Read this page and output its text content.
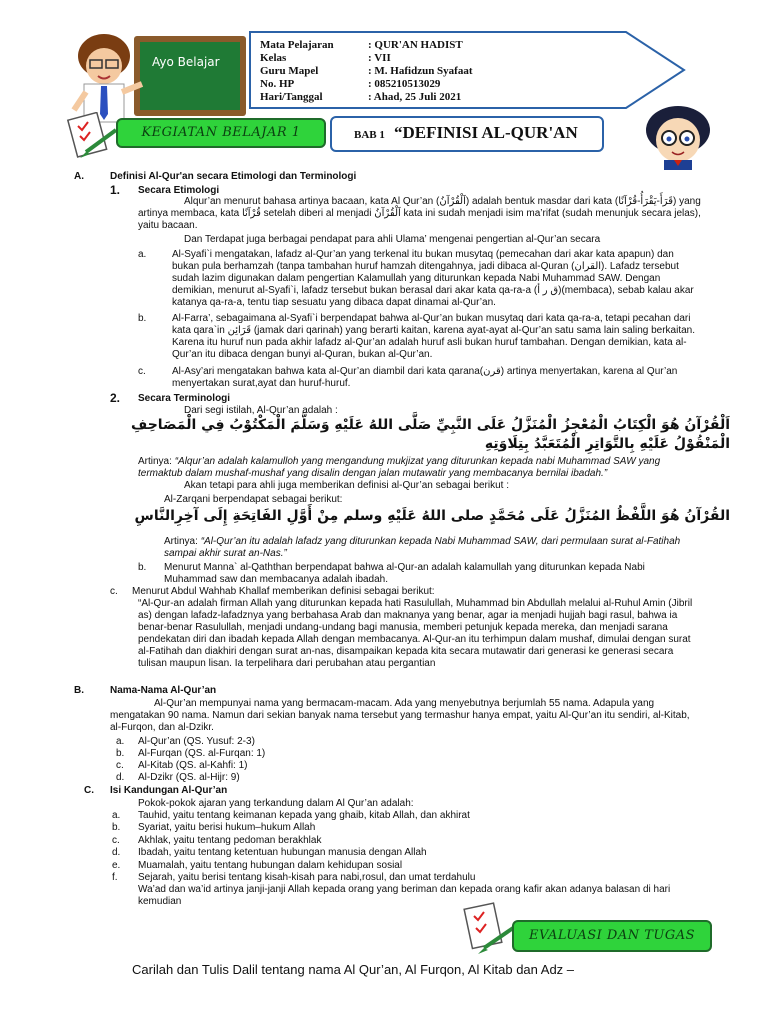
Ayo Belajar
Mata Pelajaran	: QUR'AN HADIST
Kelas	: VII
Guru Mapel	: M. Hafidzun Syafaat
No. HP	: 085210513029
Hari/Tanggal	: Ahad, 25 Juli 2021
KEGIATAN BELAJAR 1	BAB 1 “DEFINISI AL-QUR'AN
A.	Definisi Al-Qur'an secara Etimologi dan Terminologi
1. Secara Etimologi
Alqur’an menurut bahasa artinya bacaan, kata Al Qur’an (اَلْقُرْآنُ) adalah bentuk masdar dari kata (قَرَأَ-يَقْرَأُ-قُرْآنًا) yang
artinya membaca, kata قُرْآنًا setelah diberi al menjadi اَلْقُرْآنُ kata ini sudah menjadi isim ma’rifat (sudah menunjuk secara jelas),
yaitu bacaan.
Dan Terdapat juga berbagai pendapat para ahli Ulama’ mengenai pengertian al-Qur’an secara
a.	Al-Syafi`i mengatakan, lafadz al-Qur’an yang terkenal itu bukan musytaq (pemecahan dari akar kata apapun) dan
bukan pula berhamzah (tanpa tambahan huruf hamzah ditengahnya, jadi dibaca al-Quran (القران). Lafadz tersebut
sudah lazim digunakan dalam pengertian Kalamullah yang diturunkan kepada Nabi Muhammad SAW. Dengan
demikian, menurut al-Syafi`i, lafadz tersebut bukan berasal dari akar kata qa-ra-a (ق ر أ)(membaca), sebab kalau akar
katanya qa-ra-a, tentu tiap sesuatu yang dibaca dapat dinamai al-Qur’an.
b.	Al-Farra’, sebagaimana al-Syafi`i berpendapat bahwa al-Qur’an bukan musytaq dari kata qa-ra-a, tetapi pecahan dari
kata qara`in قَرَائِن (jamak dari qarinah) yang berarti kaitan, karena ayat-ayat al-Qur’an satu sama lain saling berkaitan.
Karena itu huruf nun pada akhir lafadz al-Qur’an adalah huruf asli bukan huruf tambahan. Dengan demikian, kata al-
Qur’an itu dibaca dengan bunyi al-Quran, bukan al-Qur’an.
c.	Al-Asy’ari mengatakan bahwa kata al-Qur’an diambil dari kata qarana(قرن) artinya menyertakan, karena al Qur’an
menyertakan surat,ayat dan huruf-huruf.
2. Secara Terminologi
Dari segi istilah, Al-Qur’an adalah :
اَلْقُرْآنُ هُوَ الْكِتَابُ الْمُعْجِزُ الْمُنَزَّلُ عَلَى النَّبِيِّ صَلَّى اللهُ عَلَيْهِ وَسَلَّمَ الْمَكْتُوْبُ فِي الْمَصَاحِفِ
الْمَنْقُوْلُ عَلَيْهِ بِالتَّوَاتِرِ الْمُتَعَبَّدُ بِتِلَاوَتِهِ
Artinya: “Alqur’an adalah kalamulloh yang mengandung mukjizat yang diturunkan kepada nabi Muhammad SAW yang
termaktub dalam mushaf-mushaf yang disalin dengan jalan mutawatir yang membacanya bernilai ibadah.”
Akan tetapi para ahli juga memberikan definisi al-Qur’an sebagai berikut :
Al-Zarqani berpendapat sebagai berikut:
القُرْآنُ هُوَ اللَّفْظُ المُنَزَّلُ عَلَى مُحَمَّدٍ صلى اللهُ عَلَيْهِ وسلم مِنْ أَوَّلِ الفَاتِحَةِ إِلَى آخِرِالنَّاسِ
Artinya: “Al-Qur’an itu adalah lafadz yang diturunkan kepada Nabi Muhammad SAW, dari permulaan surat al-Fatihah
sampai akhir surat an-Nas.”
b. Menurut Manna` al-Qaththan berpendapat bahwa al-Qur-an adalah kalamullah yang diturunkan kepada Nabi
Muhammad saw dan membacanya adalah ibadah.
c. Menurut Abdul Wahhab Khallaf memberikan definisi sebagai berikut:
“Al-Qur-an adalah firman Allah yang diturunkan kepada hati Rasulullah, Muhammad bin Abdullah melalui al-Ruhul Amin (Jibril
as) dengan lafadz-lafadznya yang berbahasa Arab dan maknanya yang benar, agar ia menjadi hujjah bagi rasul, bahwa ia
benar-benar Rasulullah, menjadi undang-undang bagi manusia, memberi petunjuk kepada mereka, dan menjadi sarana
pendekatan diri dan ibadah kepada Allah dengan membacanya. Al-Qur-an itu terhimpun dalam mushaf, dimulai dengan surat
al-Fatihah dan diakhiri dengan surat an-nas, disampaikan kepada kita secara mutawatir dari generasi ke generasi secara
tulisan maupun lisan. Ia terpelihara dari perubahan atau pergantian
B.	Nama-Nama Al-Qur’an
Al-Qur’an mempunyai nama yang bermacam-macam. Ada yang menyebutnya berjumlah 55 nama. Adapula yang
mengatakan 90 nama. Namun dari sekian banyak nama tersebut yang termashur hanya empat, yaitu Al-Qur’an itu sendiri, al-Kitab,
al-Furqon, dan al-Dzikr.
a. Al-Qur’an (QS. Yusuf: 2-3)
b. Al-Furqan (QS. al-Furqan: 1)
c. Al-Kitab (QS. al-Kahfi: 1)
d. Al-Dzikr (QS. al-Hijr: 9)
C. Isi Kandungan Al-Qur’an
Pokok-pokok ajaran yang terkandung dalam Al Qur’an adalah:
a. Tauhid, yaitu tentang keimanan kepada yang ghaib, kitab Allah, dan akhirat
b. Syariat, yaitu berisi hukum–hukum Allah
c. Akhlak, yaitu tentang pedoman berakhlak
d. Ibadah, yaitu tentang ketentuan hubungan manusia dengan Allah
e. Muamalah, yaitu tentang hubungan dalam kehidupan sosial
f. Sejarah, yaitu berisi tentang kisah-kisah para nabi,rosul, dan umat terdahulu
Wa’ad dan wa’id artinya janji-janji Allah kepada orang yang beriman dan kepada orang kafir akan adanya balasan di hari
kemudian
EVALUASI DAN TUGAS
Carilah dan Tulis Dalil tentang nama Al Qur’an, Al Furqon, Al Kitab dan Adz –
